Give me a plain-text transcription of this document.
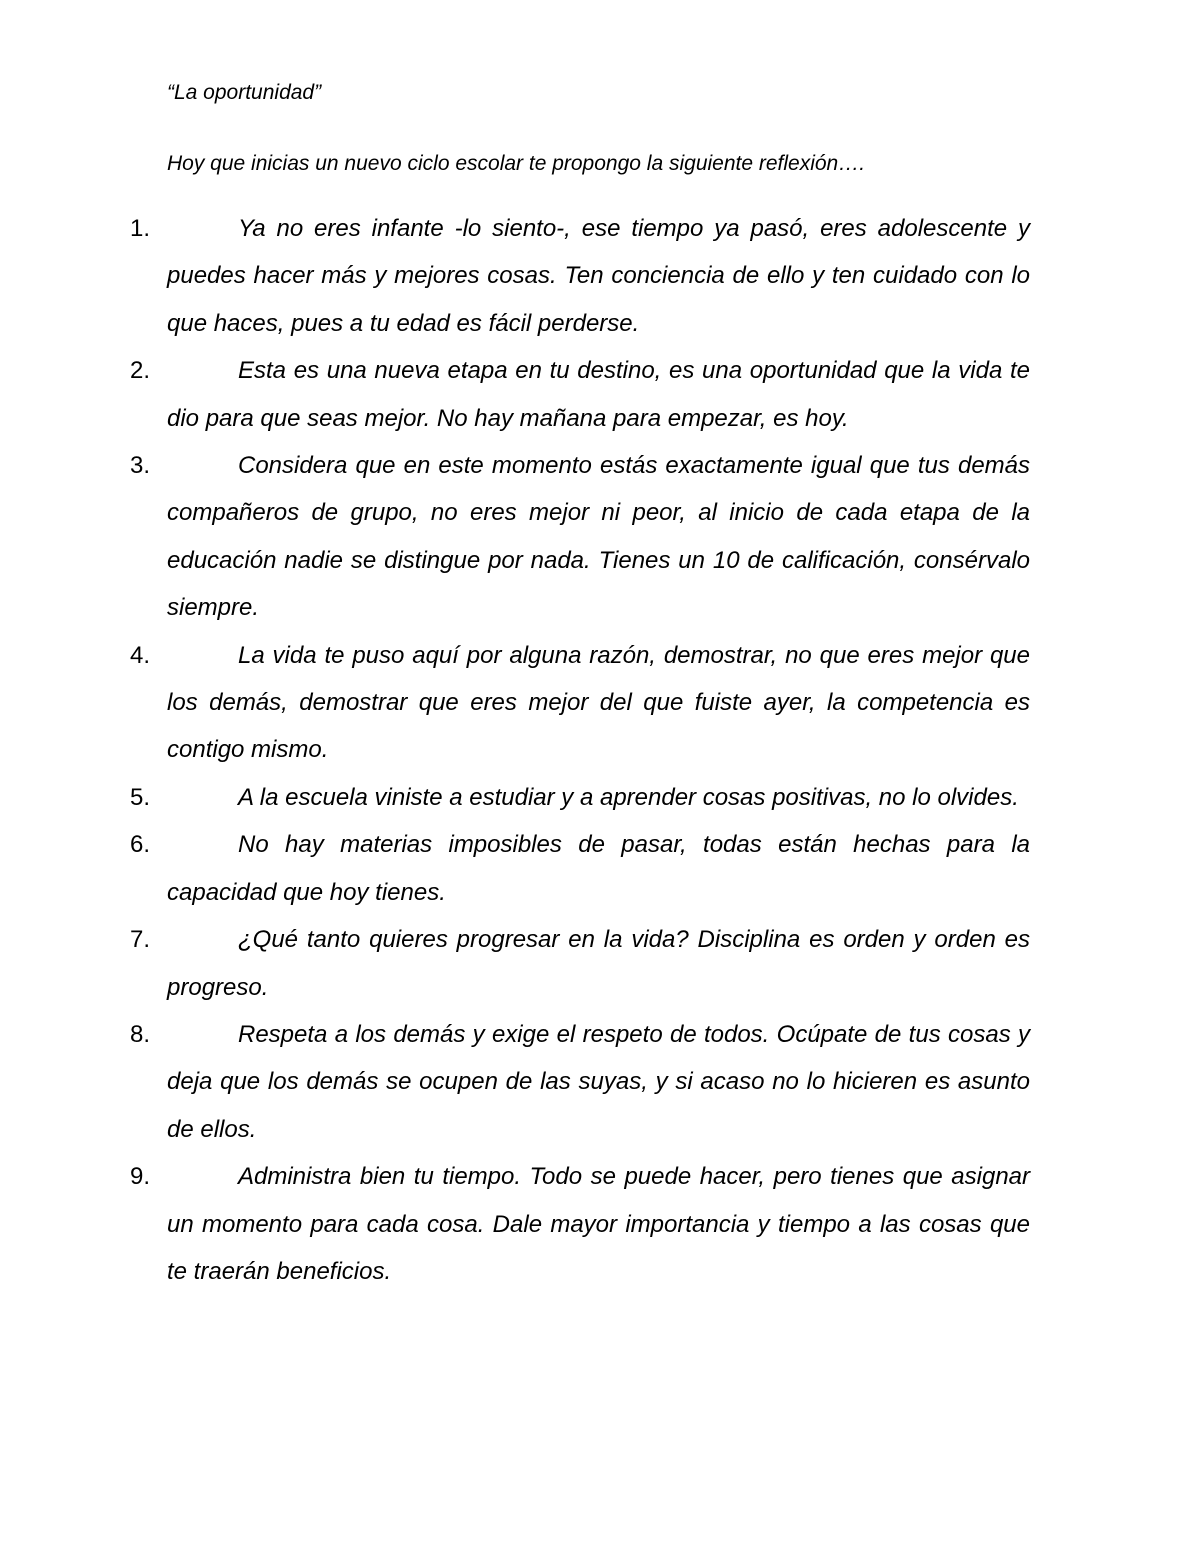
“La oportunidad”
Hoy que inicias un nuevo ciclo escolar te propongo la siguiente reflexión….
1.	Ya no eres infante -lo siento-, ese tiempo ya pasó, eres adolescente y puedes hacer más y mejores cosas. Ten conciencia de ello y ten cuidado con lo que haces, pues a tu edad es fácil perderse.
2.	Esta es una nueva etapa en tu destino, es una oportunidad que la vida te dio para que seas mejor. No hay mañana para empezar, es hoy.
3.	Considera que en este momento estás exactamente igual que tus demás compañeros de grupo, no eres mejor ni peor, al inicio de cada etapa de la educación nadie se distingue por nada. Tienes un 10 de calificación, consérvalo siempre.
4.	La vida te puso aquí por alguna razón, demostrar, no que eres mejor que los demás, demostrar que eres mejor del que fuiste ayer, la competencia es contigo mismo.
5.	A la escuela viniste a estudiar y a aprender cosas positivas, no lo olvides.
6.	No hay materias imposibles de pasar, todas están hechas para la capacidad que hoy tienes.
7.	¿Qué tanto quieres progresar en la vida? Disciplina es orden y orden es progreso.
8.	Respeta a los demás y exige el respeto de todos. Ocúpate de tus cosas y deja que los demás se ocupen de las suyas, y si acaso no lo hicieren es asunto de ellos.
9.	Administra bien tu tiempo. Todo se puede hacer, pero tienes que asignar un momento para cada cosa. Dale mayor importancia y tiempo a las cosas que te traerán beneficios.
